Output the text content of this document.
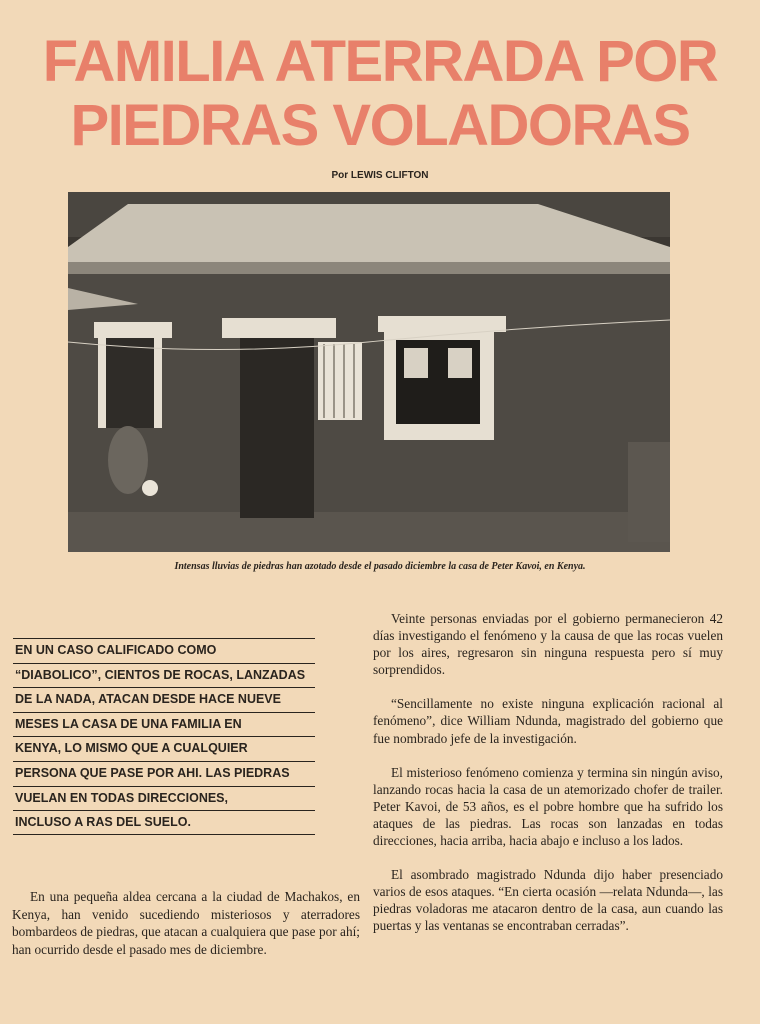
FAMILIA ATERRADA POR
PIEDRAS VOLADORAS
Por LEWIS CLIFTON
Intensas lluvias de piedras han azotado desde el pasado diciembre la casa de Peter Kavoi, en Kenya.
EN UN CASO CALIFICADO COMO
“DIABOLICO”, CIENTOS DE ROCAS, LANZADAS
DE LA NADA, ATACAN DESDE HACE NUEVE
MESES LA CASA DE UNA FAMILIA EN
KENYA, LO MISMO QUE A CUALQUIER
PERSONA QUE PASE POR AHI. LAS PIEDRAS
VUELAN EN TODAS DIRECCIONES,
INCLUSO A RAS DEL SUELO.

En una pequeña aldea cercana a la ciudad de Machakos, en Kenya, han venido sucediendo misteriosos y aterradores bombardeos de piedras, que atacan a cualquiera que pase por ahí; han ocurrido desde el pasado mes de diciembre.

Veinte personas enviadas por el gobierno permanecieron 42 días investigando el fenómeno y la causa de que las rocas vuelen por los aires, regresaron sin ninguna respuesta pero sí muy sorprendidos.

“Sencillamente no existe ninguna explicación racional al fenómeno”, dice William Ndunda, magistrado del gobierno que fue nombrado jefe de la investigación.

El misterioso fenómeno comienza y termina sin ningún aviso, lanzando rocas hacia la casa de un atemorizado chofer de trailer. Peter Kavoi, de 53 años, es el pobre hombre que ha sufrido los ataques de las piedras. Las rocas son lanzadas en todas direcciones, hacia arriba, hacia abajo e incluso a los lados.

El asombrado magistrado Ndunda dijo haber presenciado varios de esos ataques. “En cierta ocasión —relata Ndunda—, las piedras voladoras me atacaron dentro de la casa, aun cuando las puertas y las ventanas se encontraban cerradas”.
